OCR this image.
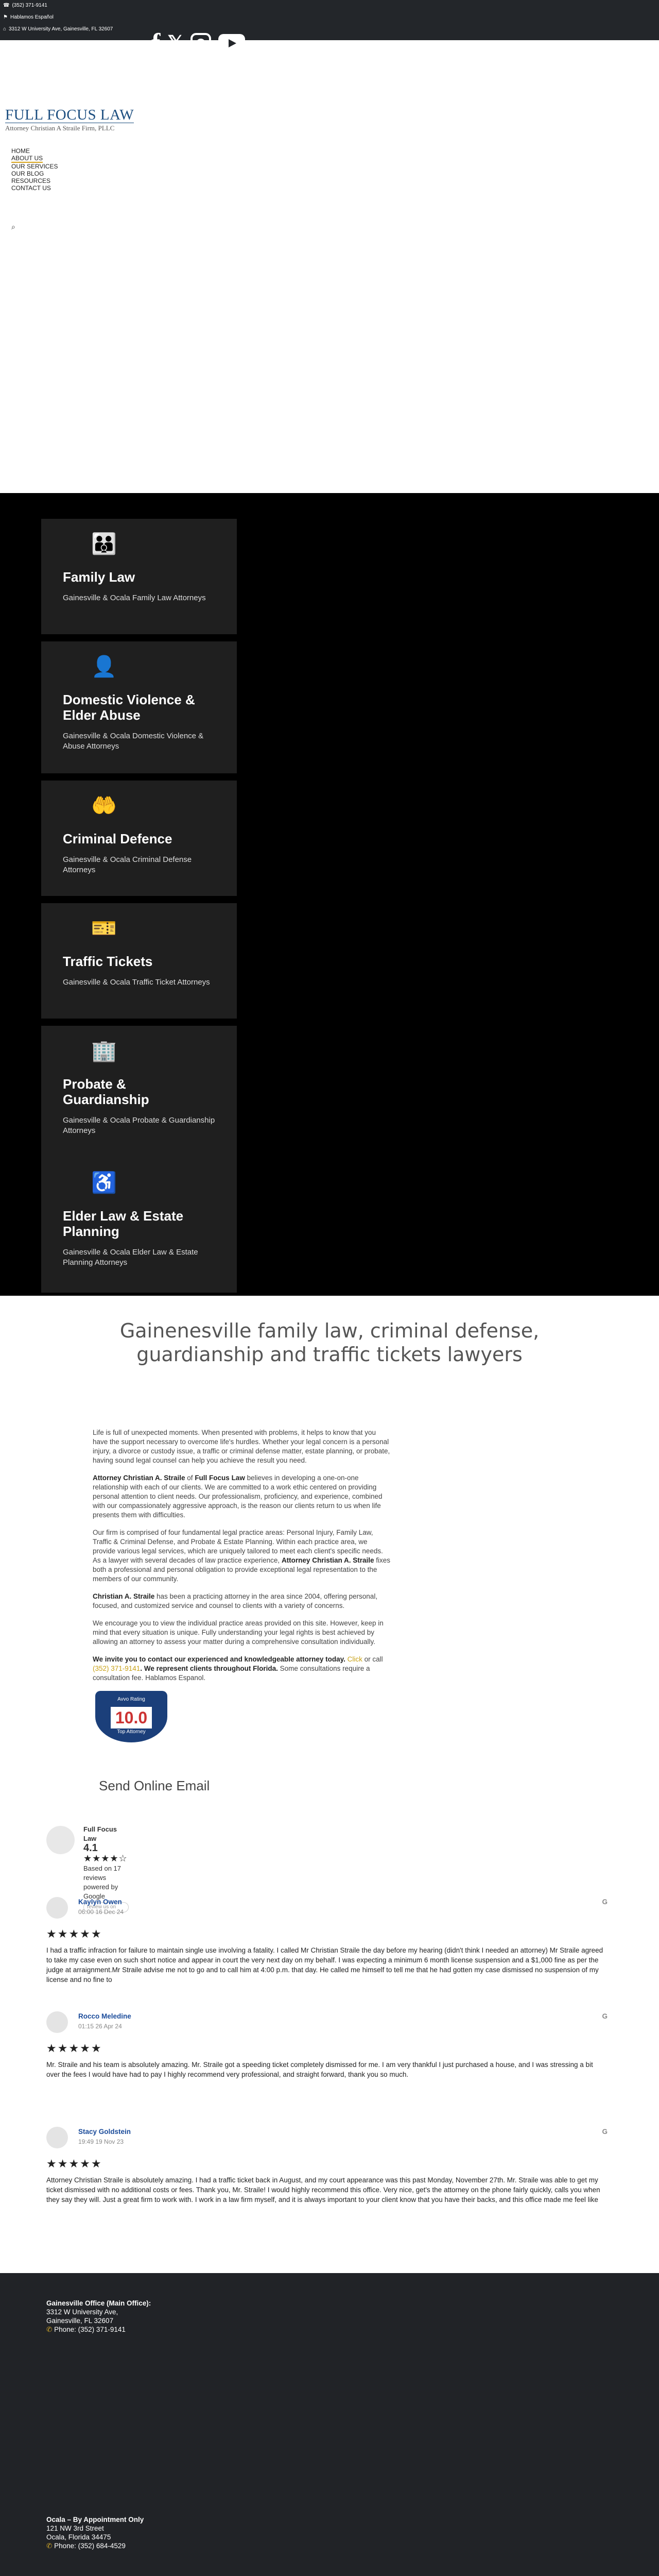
☎ (352) 371-9141
⚑ Hablamos Español
⌂ 3312 W University Ave, Gainesville, FL 32607 f 𝕏
FULL FOCUS LAW
Attorney Christian A Straile Firm, PLLC
HOME
ABOUT US
OUR SERVICES
OUR BLOG
RESOURCES
CONTACT US
⌕
👪
Family Law
Gainesville & Ocala Family Law Attorneys
👤
Domestic Violence & Elder Abuse
Gainesville & Ocala Domestic Violence & Abuse Attorneys
🤲
Criminal Defence
Gainesville & Ocala Criminal Defense Attorneys
🎫
Traffic Tickets
Gainesville & Ocala Traffic Ticket Attorneys
🏢
Probate & Guardianship
Gainesville & Ocala Probate & Guardianship Attorneys
♿
Elder Law & Estate Planning
Gainesville & Ocala Elder Law & Estate Planning Attorneys
Gainenesville family law, criminal defense, guardianship and traffic tickets lawyers

Life is full of unexpected moments. When presented with problems, it helps to know that you have the support necessary to overcome life's hurdles. Whether your legal concern is a personal injury, a divorce or custody issue, a traffic or criminal defense matter, estate planning, or probate, having sound legal counsel can help you achieve the result you need.

Attorney Christian A. Straile of Full Focus Law believes in developing a one-on-one relationship with each of our clients. We are committed to a work ethic centered on providing personal attention to client needs. Our professionalism, proficiency, and experience, combined with our compassionately aggressive approach, is the reason our clients return to us when life presents them with difficulties.

Our firm is comprised of four fundamental legal practice areas: Personal Injury, Family Law, Traffic & Criminal Defense, and Probate & Estate Planning. Within each practice area, we provide various legal services, which are uniquely tailored to meet each client's specific needs. As a lawyer with several decades of law practice experience, Attorney Christian A. Straile fixes both a professional and personal obligation to provide exceptional legal representation to the members of our community.

Christian A. Straile has been a practicing attorney in the area since 2004, offering personal, focused, and customized service and counsel to clients with a variety of concerns.

We encourage you to view the individual practice areas provided on this site. However, keep in mind that every situation is unique. Fully understanding your legal rights is best achieved by allowing an attorney to assess your matter during a comprehensive consultation individually.

We invite you to contact our experienced and knowledgeable attorney today. Click or call (352) 371-9141. We represent clients throughout Florida. Some consultations require a consultation fee. Hablamos Espanol.

Avvo Rating
10.0
Top Attorney
Send Online Email
Full Focus Law
4.1 ★★★★☆
Based on 17 reviews
powered by Google
review us on
Kaylyn Owen
06:00 16 Dec 24
G
★★★★★
I had a traffic infraction for failure to maintain single use involving a fatality. I called Mr Christian Straile the day before my hearing (didn't think I needed an attorney) Mr Straile agreed to take my case even on such short notice and appear in court the very next day on my behalf. I was expecting a minimum 6 month license suspension and a $1,000 fine as per the judge at arraignment.Mr Straile advise me not to go and to call him at 4:00 p.m. that day. He called me himself to tell me that he had gotten my case dismissed no suspension of my license and no fine to
Rocco Meledine
01:15 26 Apr 24
G
★★★★★
Mr. Straile and his team is absolutely amazing. Mr. Straile got a speeding ticket completely dismissed for me. I am very thankful I just purchased a house, and I was stressing a bit over the fees I would have had to pay I highly recommend very professional, and straight forward, thank you so much.
Stacy Goldstein
19:49 19 Nov 23
G
★★★★★
Attorney Christian Straile is absolutely amazing. I had a traffic ticket back in August, and my court appearance was this past Monday, November 27th. Mr. Straile was able to get my ticket dismissed with no additional costs or fees. Thank you, Mr. Straile! I would highly recommend this office. Very nice, get's the attorney on the phone fairly quickly, calls you when they say they will. Just a great firm to work with. I work in a law firm myself, and it is always important to your client know that you have their backs, and this office made me feel like
Gainesville Office (Main Office):
3312 W University Ave,
Gainesville, FL 32607
✆ Phone: (352) 371-9141
Ocala – By Appointment Only
121 NW 3rd Street
Ocala, Florida 34475
✆ Phone: (352) 684-4529
